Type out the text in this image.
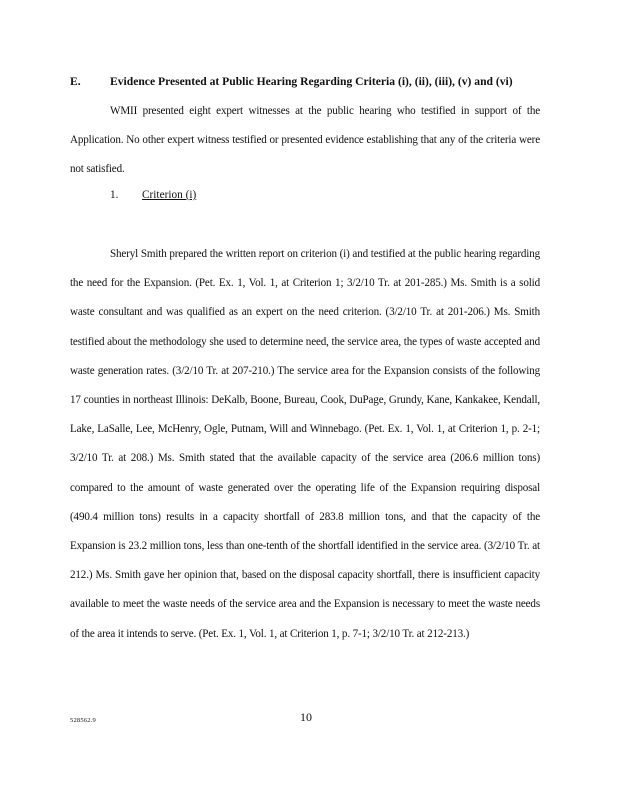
E.	Evidence Presented at Public Hearing Regarding Criteria (i), (ii), (iii), (v) and (vi)

WMII presented eight expert witnesses at the public hearing who testified in support of the Application. No other expert witness testified or presented evidence establishing that any of the criteria were not satisfied.

1. Criterion (i)

Sheryl Smith prepared the written report on criterion (i) and testified at the public hearing regarding the need for the Expansion. (Pet. Ex. 1, Vol. 1, at Criterion 1; 3/2/10 Tr. at 201-285.) Ms. Smith is a solid waste consultant and was qualified as an expert on the need criterion. (3/2/10 Tr. at 201-206.) Ms. Smith testified about the methodology she used to determine need, the service area, the types of waste accepted and waste generation rates. (3/2/10 Tr. at 207-210.) The service area for the Expansion consists of the following 17 counties in northeast Illinois: DeKalb, Boone, Bureau, Cook, DuPage, Grundy, Kane, Kankakee, Kendall, Lake, LaSalle, Lee, McHenry, Ogle, Putnam, Will and Winnebago. (Pet. Ex. 1, Vol. 1, at Criterion 1, p. 2-1; 3/2/10 Tr. at 208.) Ms. Smith stated that the available capacity of the service area (206.6 million tons) compared to the amount of waste generated over the operating life of the Expansion requiring disposal (490.4 million tons) results in a capacity shortfall of 283.8 million tons, and that the capacity of the Expansion is 23.2 million tons, less than one-tenth of the shortfall identified in the service area. (3/2/10 Tr. at 212.) Ms. Smith gave her opinion that, based on the disposal capacity shortfall, there is insufficient capacity available to meet the waste needs of the service area and the Expansion is necessary to meet the waste needs of the area it intends to serve. (Pet. Ex. 1, Vol. 1, at Criterion 1, p. 7-1; 3/2/10 Tr. at 212-213.)

528562.9	10
